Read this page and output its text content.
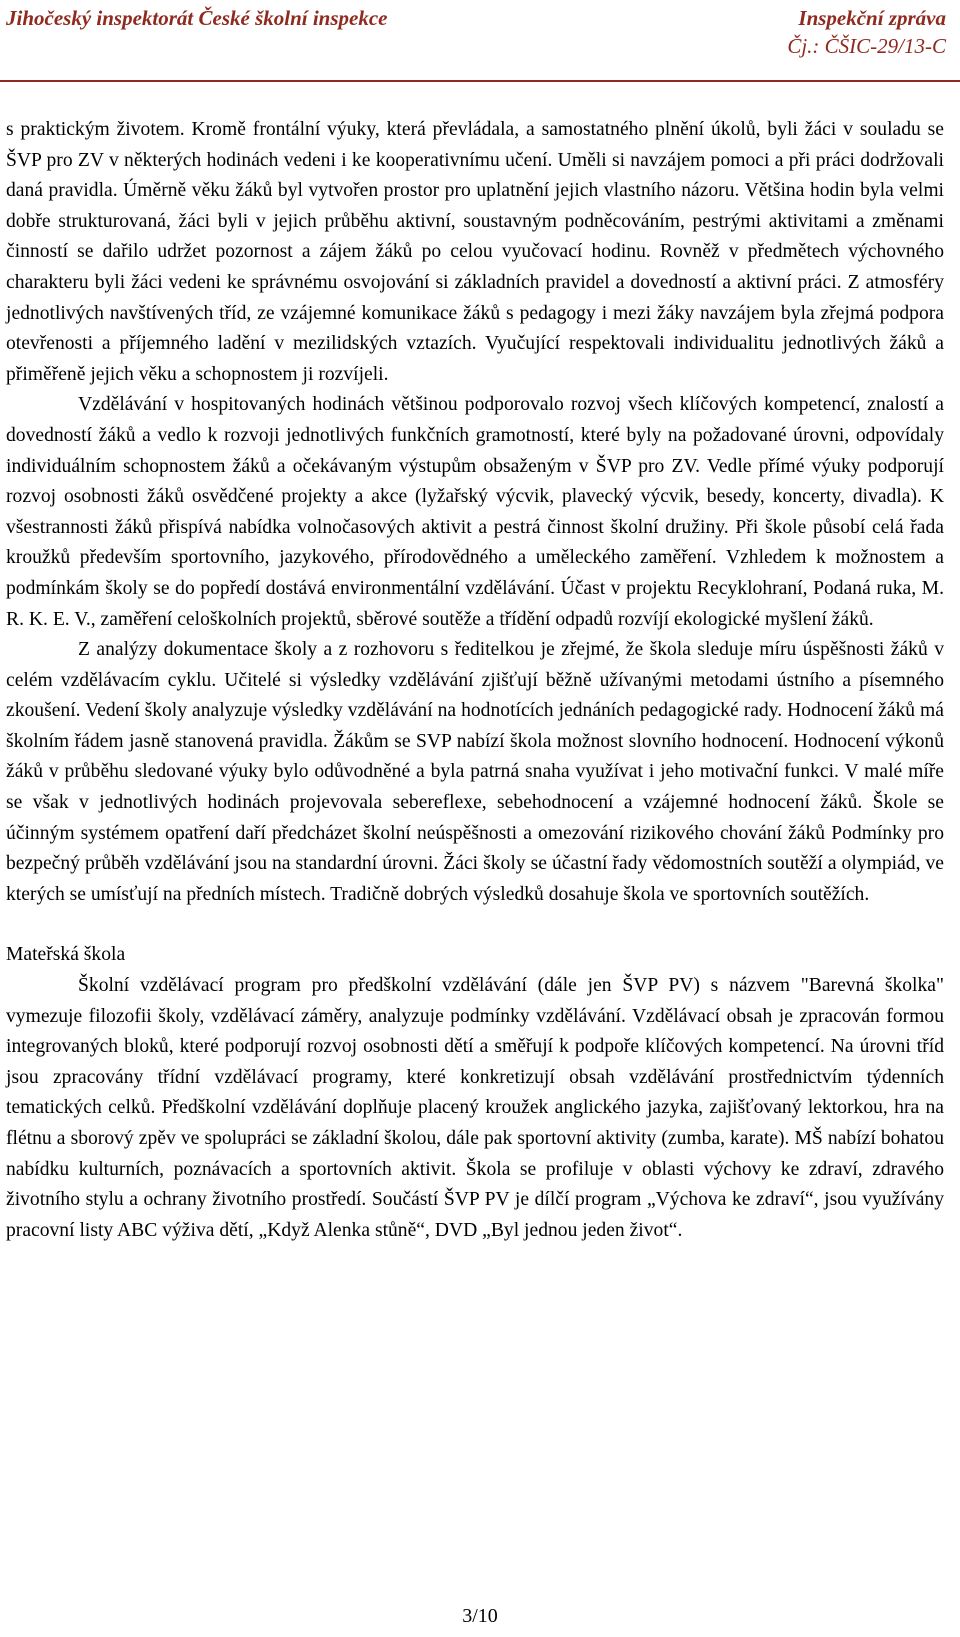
Jihočeský inspektorát České školní inspekce	Inspekční zpráva
Čj.: ČŠIC-29/13-C

s praktickým životem. Kromě frontální výuky, která převládala, a samostatného plnění úkolů, byli žáci v souladu se ŠVP pro ZV v některých hodinách vedeni i ke kooperativnímu učení. Uměli si navzájem pomoci a při práci dodržovali daná pravidla. Úměrně věku žáků byl vytvořen prostor pro uplatnění jejich vlastního názoru. Většina hodin byla velmi dobře strukturovaná, žáci byli v jejich průběhu aktivní, soustavným podněcováním, pestrými aktivitami a změnami činností se dařilo udržet pozornost a zájem žáků po celou vyučovací hodinu. Rovněž v předmětech výchovného charakteru byli žáci vedeni ke správnému osvojování si základních pravidel a dovedností a aktivní práci. Z atmosféry jednotlivých navštívených tříd, ze vzájemné komunikace žáků s pedagogy i mezi žáky navzájem byla zřejmá podpora otevřenosti a příjemného ladění v mezilidských vztazích. Vyučující respektovali individualitu jednotlivých žáků a přiměřeně jejich věku a schopnostem ji rozvíjeli.

Vzdělávání v hospitovaných hodinách většinou podporovalo rozvoj všech klíčových kompetencí, znalostí a dovedností žáků a vedlo k rozvoji jednotlivých funkčních gramotností, které byly na požadované úrovni, odpovídaly individuálním schopnostem žáků a očekávaným výstupům obsaženým v ŠVP pro ZV. Vedle přímé výuky podporují rozvoj osobnosti žáků osvědčené projekty a akce (lyžařský výcvik, plavecký výcvik, besedy, koncerty, divadla). K všestrannosti žáků přispívá nabídka volnočasových aktivit a pestrá činnost školní družiny. Při škole působí celá řada kroužků především sportovního, jazykového, přírodovědného a uměleckého zaměření. Vzhledem k možnostem a podmínkám školy se do popředí dostává environmentální vzdělávání. Účast v projektu Recyklohraní, Podaná ruka, M. R. K. E. V., zaměření celoškolních projektů, sběrové soutěže a třídění odpadů rozvíjí ekologické myšlení žáků.

Z analýzy dokumentace školy a z rozhovoru s ředitelkou je zřejmé, že škola sleduje míru úspěšnosti žáků v celém vzdělávacím cyklu. Učitelé si výsledky vzdělávání zjišťují běžně užívanými metodami ústního a písemného zkoušení. Vedení školy analyzuje výsledky vzdělávání na hodnotících jednáních pedagogické rady. Hodnocení žáků má školním řádem jasně stanovená pravidla. Žákům se SVP nabízí škola možnost slovního hodnocení. Hodnocení výkonů žáků v průběhu sledované výuky bylo odůvodněné a byla patrná snaha využívat i jeho motivační funkci. V malé míře se však v jednotlivých hodinách projevovala sebereflexe, sebehodnocení a vzájemné hodnocení žáků. Škole se účinným systémem opatření daří předcházet školní neúspěšnosti a omezování rizikového chování žáků Podmínky pro bezpečný průběh vzdělávání jsou na standardní úrovni. Žáci školy se účastní řady vědomostních soutěží a olympiád, ve kterých se umísťují na předních místech. Tradičně dobrých výsledků dosahuje škola ve sportovních soutěžích.

Mateřská škola

Školní vzdělávací program pro předškolní vzdělávání (dále jen ŠVP PV) s názvem "Barevná školka" vymezuje filozofii školy, vzdělávací záměry, analyzuje podmínky vzdělávání. Vzdělávací obsah je zpracován formou integrovaných bloků, které podporují rozvoj osobnosti dětí a směřují k podpoře klíčových kompetencí. Na úrovni tříd jsou zpracovány třídní vzdělávací programy, které konkretizují obsah vzdělávání prostřednictvím týdenních tematických celků. Předškolní vzdělávání doplňuje placený kroužek anglického jazyka, zajišťovaný lektorkou, hra na flétnu a sborový zpěv ve spolupráci se základní školou, dále pak sportovní aktivity (zumba, karate). MŠ nabízí bohatou nabídku kulturních, poznávacích a sportovních aktivit. Škola se profiluje v oblasti výchovy ke zdraví, zdravého životního stylu a ochrany životního prostředí. Součástí ŠVP PV je dílčí program „Výchova ke zdraví“, jsou využívány pracovní listy ABC výživa dětí, „Když Alenka stůně“, DVD „Byl jednou jeden život“.

3/10
